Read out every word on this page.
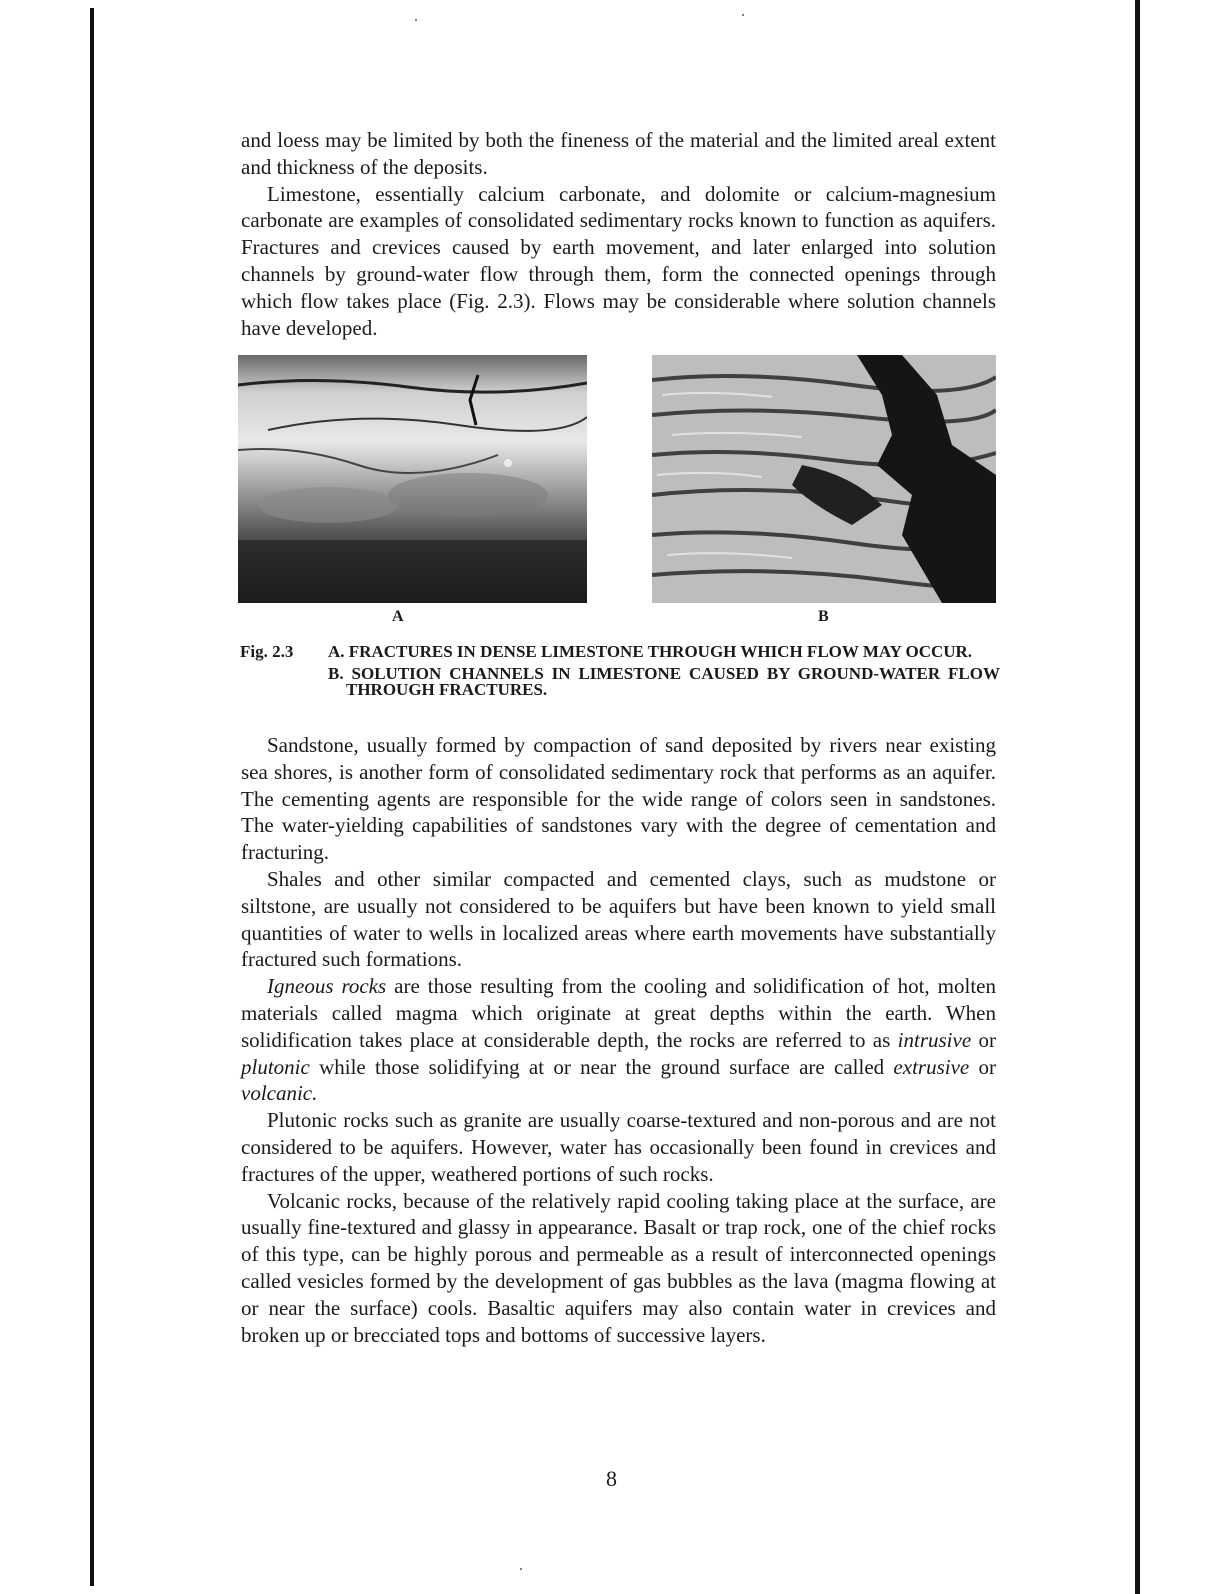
and loess may be limited by both the fineness of the material and the limited areal extent and thickness of the deposits.

Limestone, essentially calcium carbonate, and dolomite or calcium-magnesium carbonate are examples of consolidated sedimentary rocks known to function as aquifers. Fractures and crevices caused by earth movement, and later enlarged into solution channels by ground-water flow through them, form the connected openings through which flow takes place (Fig. 2.3). Flows may be considerable where solution channels have developed.

A	B
Fig. 2.3 A. FRACTURES IN DENSE LIMESTONE THROUGH WHICH FLOW MAY OCCUR.
B. SOLUTION CHANNELS IN LIMESTONE CAUSED BY GROUND-WATER FLOW THROUGH FRACTURES.

Sandstone, usually formed by compaction of sand deposited by rivers near existing sea shores, is another form of consolidated sedimentary rock that performs as an aquifer. The cementing agents are responsible for the wide range of colors seen in sandstones. The water-yielding capabilities of sandstones vary with the degree of cementation and fracturing.

Shales and other similar compacted and cemented clays, such as mudstone or siltstone, are usually not considered to be aquifers but have been known to yield small quantities of water to wells in localized areas where earth movements have substantially fractured such formations.

Igneous rocks are those resulting from the cooling and solidification of hot, molten materials called magma which originate at great depths within the earth. When solidification takes place at considerable depth, the rocks are referred to as intrusive or plutonic while those solidifying at or near the ground surface are called extrusive or volcanic.

Plutonic rocks such as granite are usually coarse-textured and non-porous and are not considered to be aquifers. However, water has occasionally been found in crevices and fractures of the upper, weathered portions of such rocks.

Volcanic rocks, because of the relatively rapid cooling taking place at the surface, are usually fine-textured and glassy in appearance. Basalt or trap rock, one of the chief rocks of this type, can be highly porous and permeable as a result of interconnected openings called vesicles formed by the development of gas bubbles as the lava (magma flowing at or near the surface) cools. Basaltic aquifers may also contain water in crevices and broken up or brecciated tops and bottoms of successive layers.

8
